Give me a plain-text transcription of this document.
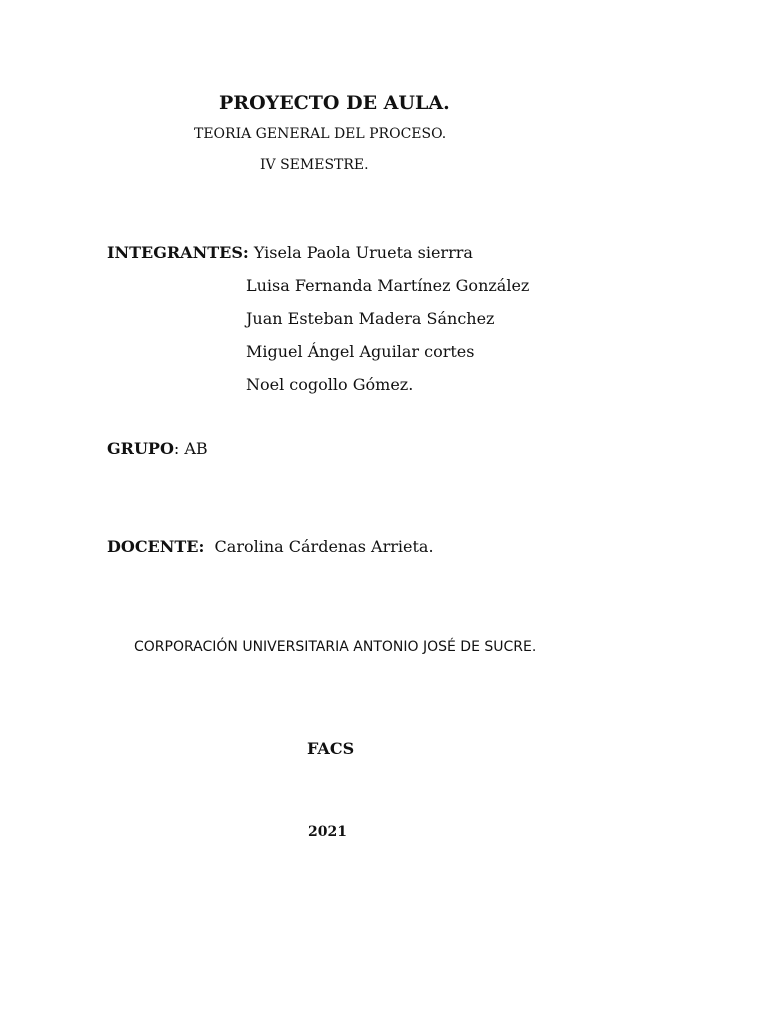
PROYECTO DE AULA.
TEORIA GENERAL DEL PROCESO.
IV SEMESTRE.
INTEGRANTES: Yisela Paola Urueta sierrra
Luisa Fernanda Martínez González
Juan Esteban Madera Sánchez
Miguel Ángel Aguilar cortes
Noel cogollo Gómez.
GRUPO: AB
DOCENTE: Carolina Cárdenas Arrieta.
CORPORACIÓN UNIVERSITARIA ANTONIO JOSÉ DE SUCRE.
FACS
2021
